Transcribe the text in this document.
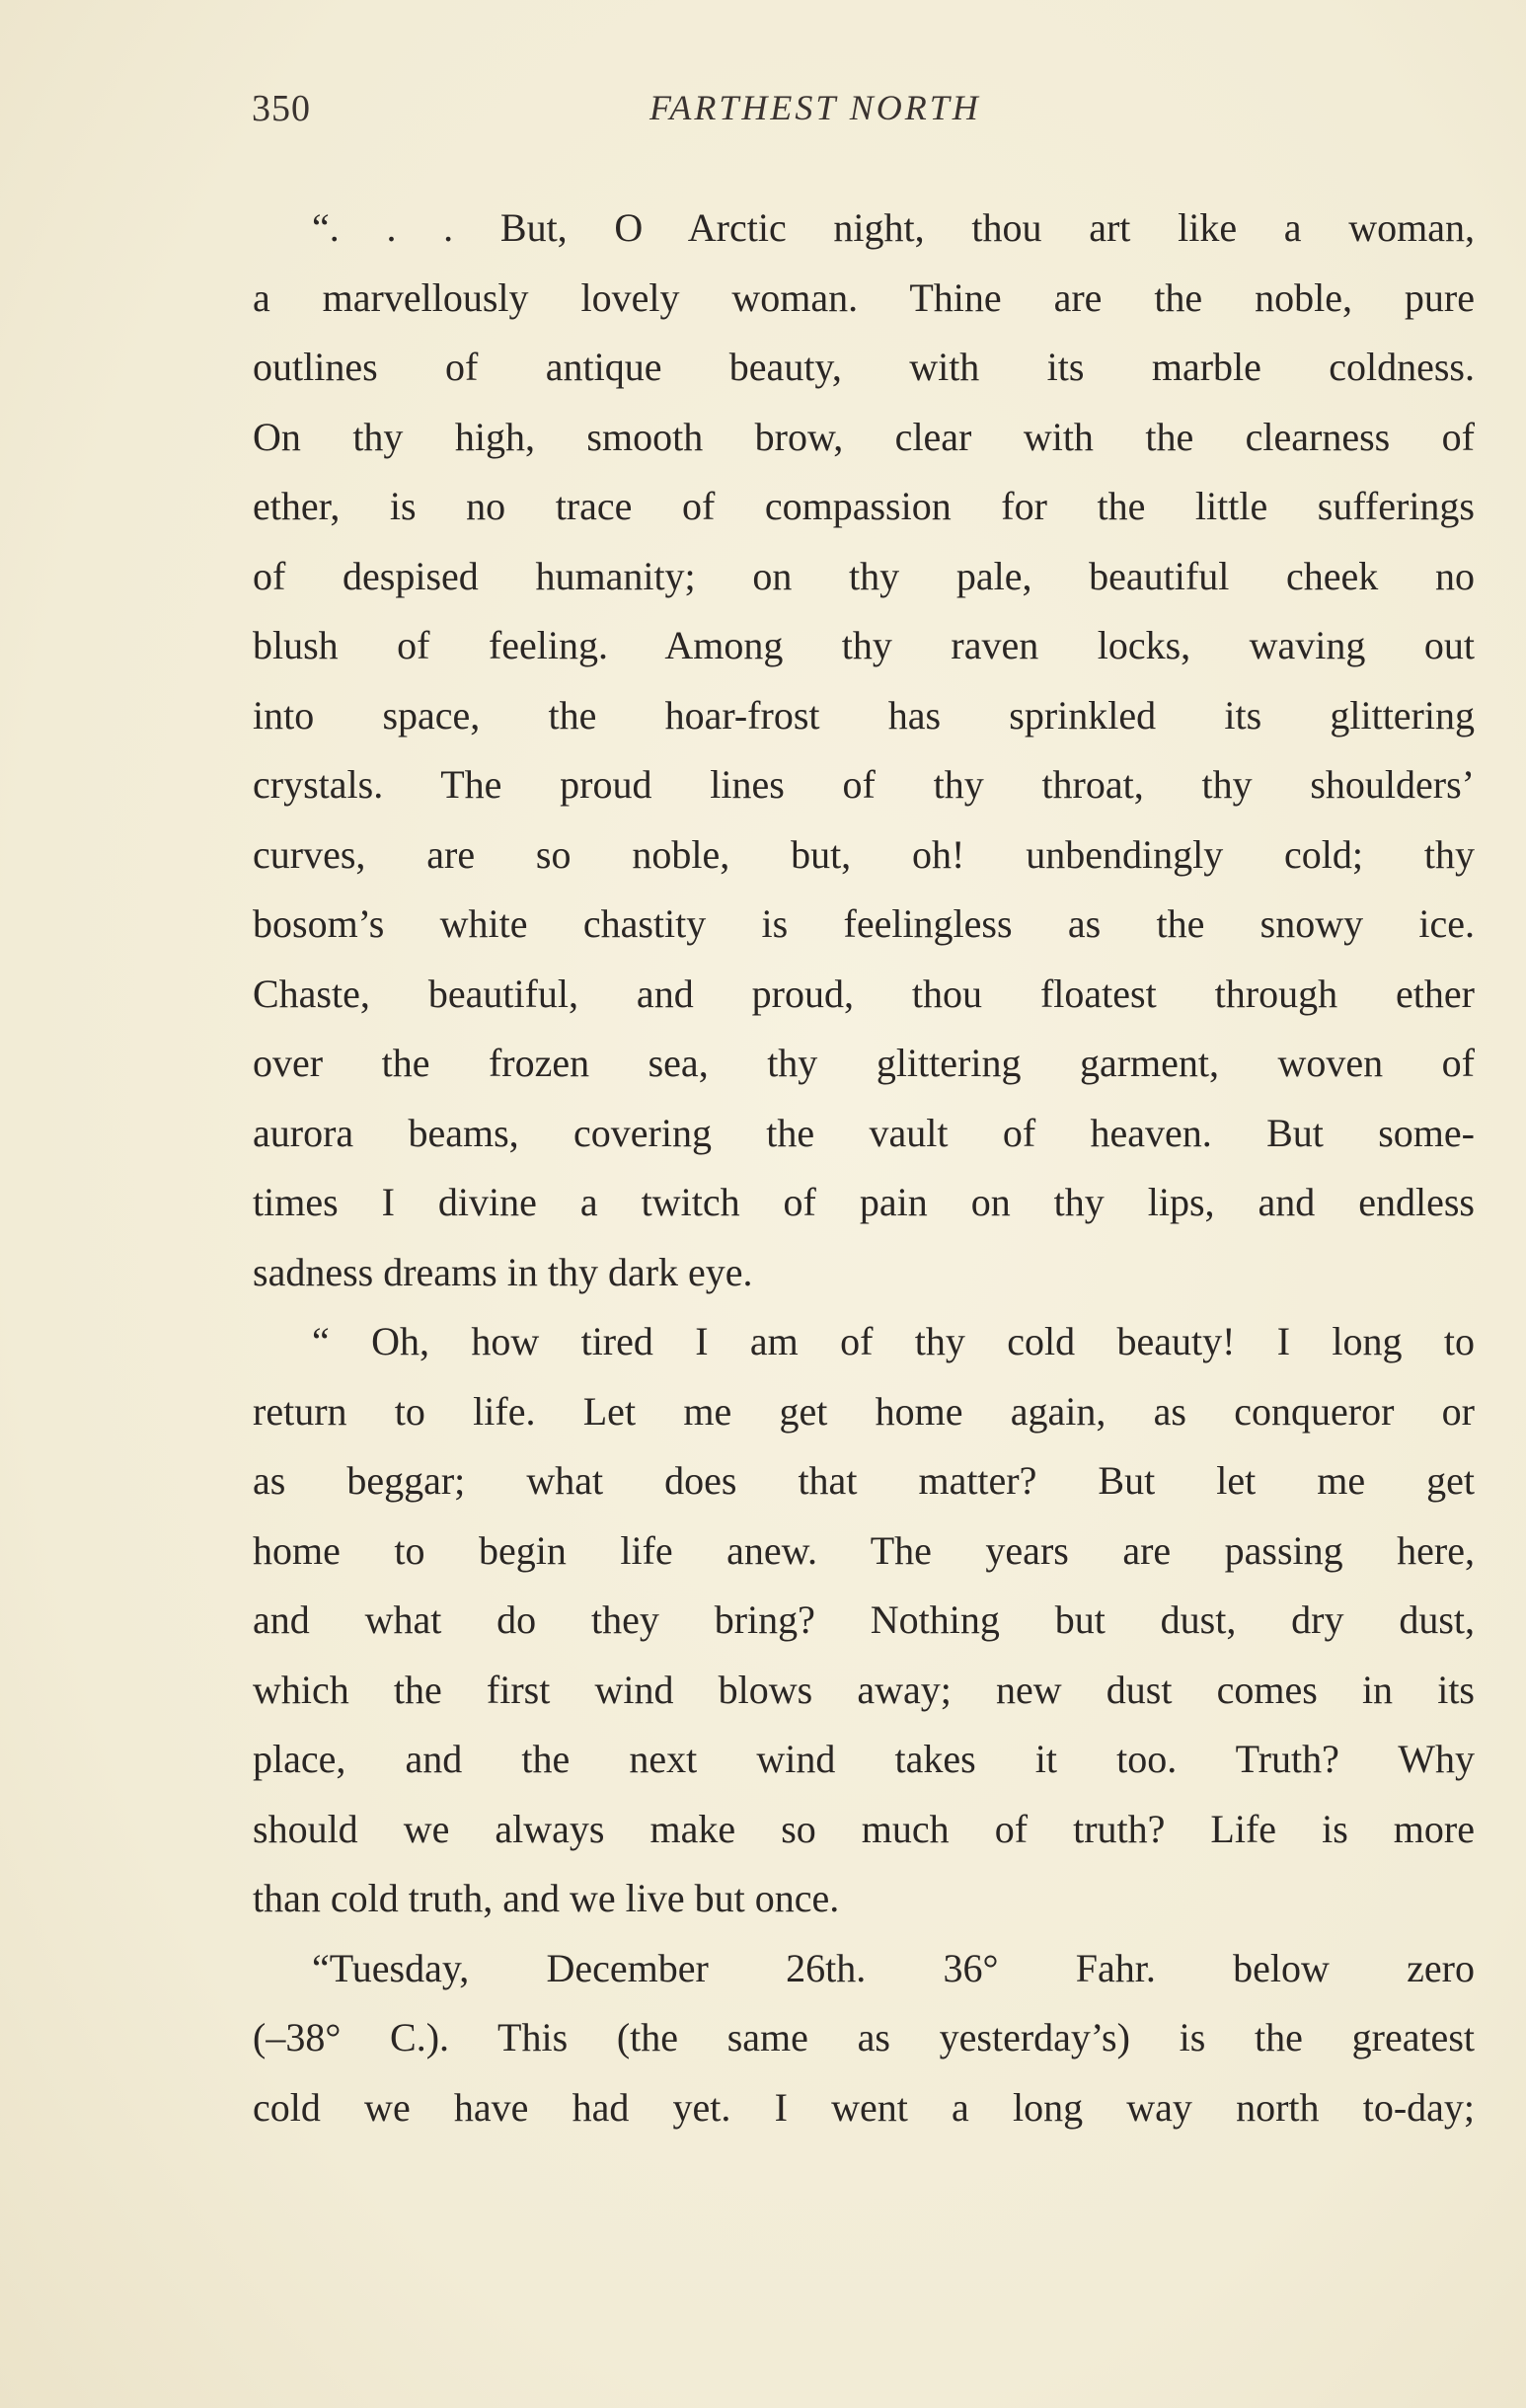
350	FARTHEST NORTH
“. . . But, O Arctic night, thou art like a woman,
a marvellously lovely woman. Thine are the noble, pure
outlines of antique beauty, with its marble coldness.
On thy high, smooth brow, clear with the clearness of
ether, is no trace of compassion for the little sufferings
of despised humanity; on thy pale, beautiful cheek no
blush of feeling. Among thy raven locks, waving out
into space, the hoar-frost has sprinkled its glittering
crystals. The proud lines of thy throat, thy shoulders’
curves, are so noble, but, oh! unbendingly cold; thy
bosom’s white chastity is feelingless as the snowy ice.
Chaste, beautiful, and proud, thou floatest through ether
over the frozen sea, thy glittering garment, woven of
aurora beams, covering the vault of heaven. But some-
times I divine a twitch of pain on thy lips, and endless
sadness dreams in thy dark eye.
“ Oh, how tired I am of thy cold beauty! I long to
return to life. Let me get home again, as conqueror or
as beggar; what does that matter? But let me get
home to begin life anew. The years are passing here,
and what do they bring? Nothing but dust, dry dust,
which the first wind blows away; new dust comes in its
place, and the next wind takes it too. Truth? Why
should we always make so much of truth? Life is more
than cold truth, and we live but once.
“Tuesday, December 26th. 36° Fahr. below zero
(–38° C.). This (the same as yesterday’s) is the greatest
cold we have had yet. I went a long way north to-day;
